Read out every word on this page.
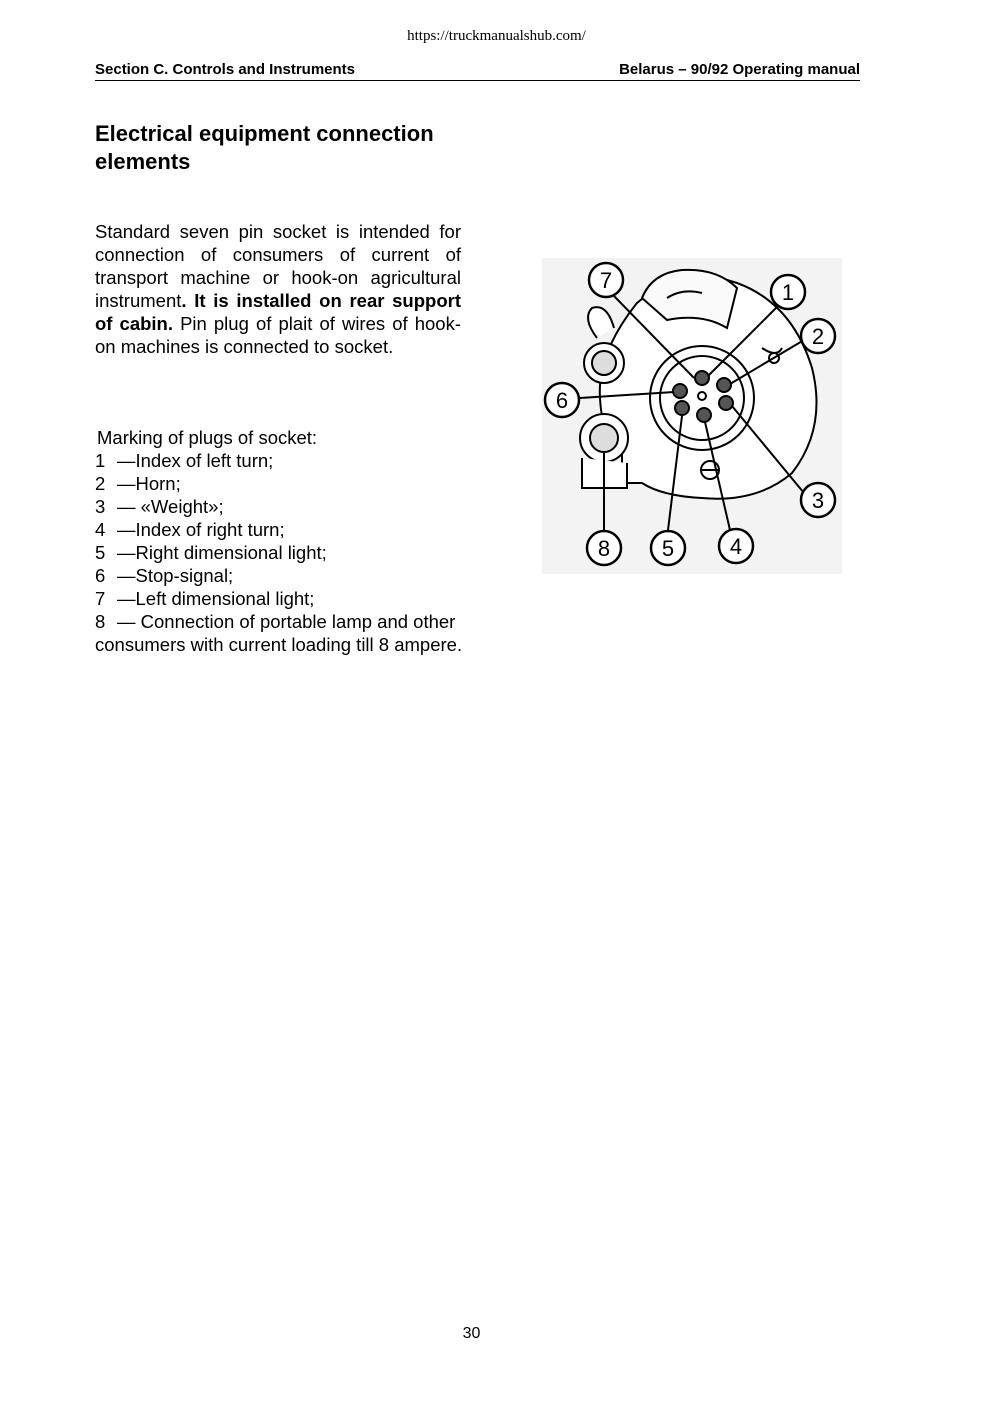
https://truckmanualshub.com/
Section C. Controls and Instruments	Belarus – 90/92 Operating manual
Electrical equipment connection elements

Standard seven pin socket is intended for connection of consumers of current of transport machine or hook-on agricultural instrument. It is installed on rear support of cabin. Pin plug of plait of wires of hook-on machines is connected to socket.

Marking of plugs of socket:

1 —Index of left turn;
2 —Horn;
3 — «Weight»;
4 —Index of right turn;
5 —Right dimensional light;
6 —Stop-signal;
7 —Left dimensional light;
8 — Connection of portable lamp and other consumers with current loading till 8 ampere.
7	1
2
6
3
8 5	4
30
